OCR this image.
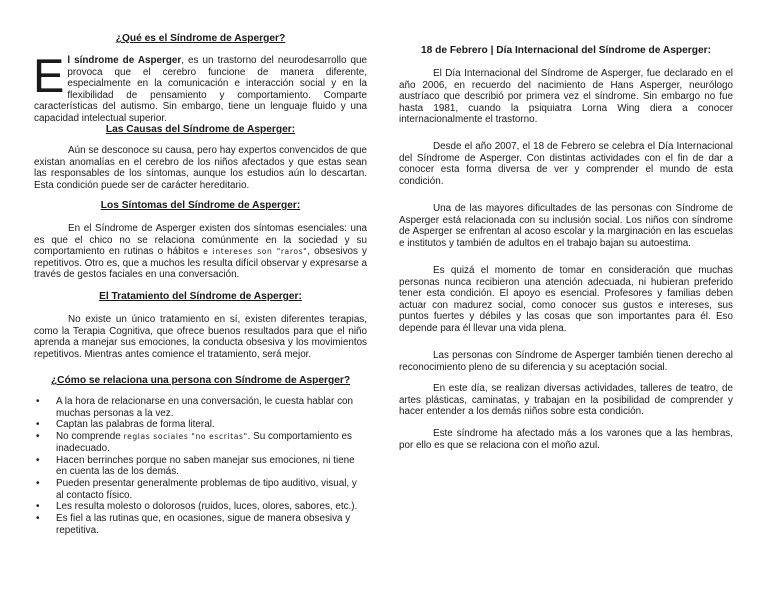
¿Qué es el Síndrome de Asperger?

El síndrome de Asperger, es un trastorno del neurodesarrollo que provoca que el cerebro funcione de manera diferente, especialmente en la comunicación e interacción social y en la flexibilidad de pensamiento y comportamiento. Comparte características del autismo. Sin embargo, tiene un lenguaje fluido y una capacidad intelectual superior.

Las Causas del Síndrome de Asperger:

Aún se desconoce su causa, pero hay expertos convencidos de que existan anomalías en el cerebro de los niños afectados y que estas sean las responsables de los síntomas, aunque los estudios aún lo descartan. Esta condición puede ser de carácter hereditario.

Los Síntomas del Síndrome de Asperger:

En el Síndrome de Asperger existen dos síntomas esenciales: una es que el chico no se relaciona comúnmente en la sociedad y su comportamiento en rutinas o hábitos e intereses son "raros", obsesivos y repetitivos. Otro es, que a muchos les resulta difícil observar y expresarse a través de gestos faciales en una conversación.

El Tratamiento del Síndrome de Asperger:

No existe un único tratamiento en sí, existen diferentes terapias, como la Terapia Cognitiva, que ofrece buenos resultados para que el niño aprenda a manejar sus emociones, la conducta obsesiva y los movimientos repetitivos. Mientras antes comience el tratamiento, será mejor.

¿Cómo se relaciona una persona con Síndrome de Asperger?
• A la hora de relacionarse en una conversación, le cuesta hablar con muchas personas a la vez.
• Captan las palabras de forma literal.
• No comprende reglas sociales "no escritas". Su comportamiento es inadecuado.
• Hacen berrinches porque no saben manejar sus emociones, ni tiene en cuenta las de los demás.
• Pueden presentar generalmente problemas de tipo auditivo, visual, y al contacto físico.
• Les resulta molesto o dolorosos (ruidos, luces, olores, sabores, etc.).
• Es fiel a las rutinas que, en ocasiones, sigue de manera obsesiva y repetitiva.
18 de Febrero | Día Internacional del Síndrome de Asperger:

El Día Internacional del Síndrome de Asperger, fue declarado en el año 2006, en recuerdo del nacimiento de Hans Asperger, neurólogo austríaco que describió por primera vez el síndrome. Sin embargo no fue hasta 1981, cuando la psiquiatra Lorna Wing diera a conocer internacionalmente el trastorno.

Desde el año 2007, el 18 de Febrero se celebra el Día Internacional del Síndrome de Asperger. Con distintas actividades con el fin de dar a conocer esta forma diversa de ver y comprender el mundo de esta condición.

Una de las mayores dificultades de las personas con Síndrome de Asperger está relacionada con su inclusión social. Los niños con síndrome de Asperger se enfrentan al acoso escolar y la marginación en las escuelas e institutos y también de adultos en el trabajo bajan su autoestima.

Es quizá el momento de tomar en consideración que muchas personas nunca recibieron una atención adecuada, ni hubieran preferido tener esta condición. El apoyo es esencial. Profesores y familias deben actuar con madurez social, como conocer sus gustos e intereses, sus puntos fuertes y débiles y las cosas que son importantes para él. Eso depende para él llevar una vida plena.

Las personas con Síndrome de Asperger también tienen derecho al reconocimiento pleno de su diferencia y su aceptación social.

En este día, se realizan diversas actividades, talleres de teatro, de artes plásticas, caminatas, y trabajan en la posibilidad de comprender y hacer entender a los demás niños sobre esta condición.

Este síndrome ha afectado más a los varones que a las hembras, por ello es que se relaciona con el moño azul.
